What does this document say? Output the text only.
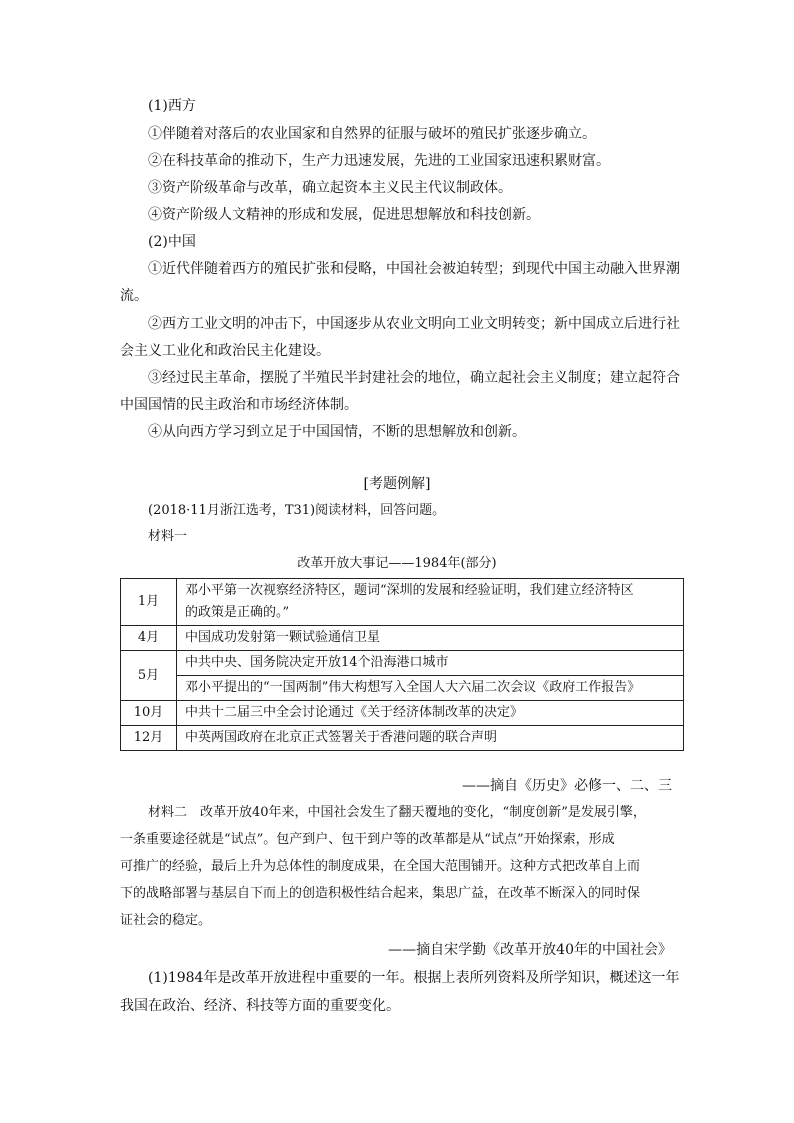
(1)西方
①伴随着对落后的农业国家和自然界的征服与破坏的殖民扩张逐步确立。
②在科技革命的推动下，生产力迅速发展，先进的工业国家迅速积累财富。
③资产阶级革命与改革，确立起资本主义民主代议制政体。
④资产阶级人文精神的形成和发展，促进思想解放和科技创新。
(2)中国
①近代伴随着西方的殖民扩张和侵略，中国社会被迫转型；到现代中国主动融入世界潮
流。
②西方工业文明的冲击下，中国逐步从农业文明向工业文明转变；新中国成立后进行社
会主义工业化和政治民主化建设。
③经过民主革命，摆脱了半殖民半封建社会的地位，确立起社会主义制度；建立起符合
中国国情的民主政治和市场经济体制。
④从向西方学习到立足于中国国情，不断的思想解放和创新。
[考题例解]
(2018·11月浙江选考，T31)阅读材料，回答问题。
材料一
改革开放大事记——1984年(部分)
1月	邓小平第一次视察经济特区，题词“深圳的发展和经验证明，我们建立经济特区
的政策是正确的。”

4月	中国成功发射第一颗试验通信卫星
5月	中共中央、国务院决定开放14个沿海港口城市
	邓小平提出的“一国两制”伟大构想写入全国人大六届二次会议《政府工作报告》
10月	中共十二届三中全会讨论通过《关于经济体制改革的决定》
12月	中英两国政府在北京正式签署关于香港问题的联合声明
——摘自《历史》必修一、二、三
材料二　改革开放40年来，中国社会发生了翻天覆地的变化，“制度创新”是发展引擎，
一条重要途径就是“试点”。包产到户、包干到户等的改革都是从“试点”开始探索，形成
可推广的经验，最后上升为总体性的制度成果，在全国大范围铺开。这种方式把改革自上而
下的战略部署与基层自下而上的创造积极性结合起来，集思广益，在改革不断深入的同时保
证社会的稳定。
——摘自宋学勤《改革开放40年的中国社会》
(1)1984年是改革开放进程中重要的一年。根据上表所列资料及所学知识，概述这一年
我国在政治、经济、科技等方面的重要变化。
